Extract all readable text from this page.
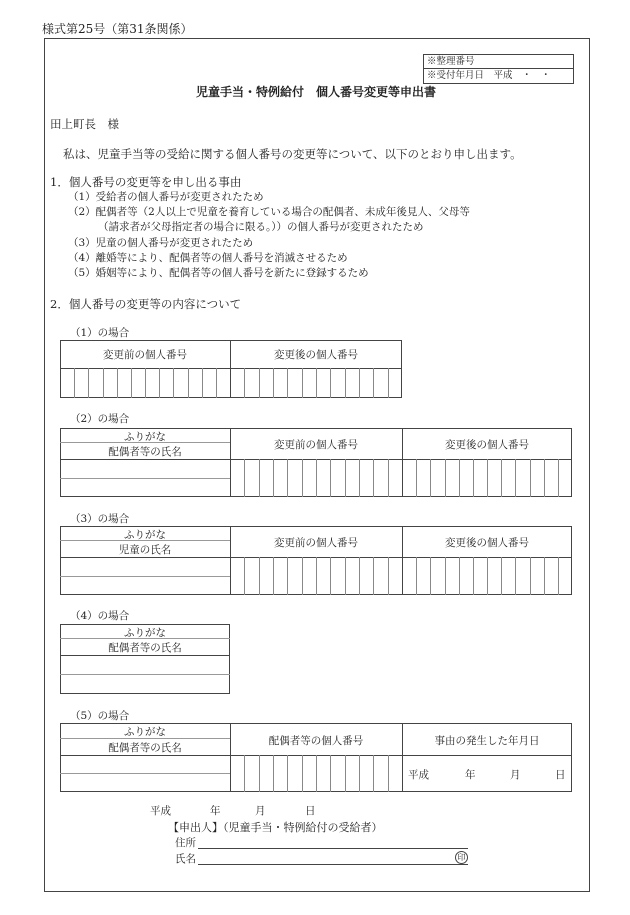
様式第25号（第31条関係）
※整理番号
※受付年月日　平成　・　・
児童手当・特例給付　個人番号変更等申出書
田上町長　様
私は、児童手当等の受給に関する個人番号の変更等について、以下のとおり申し出ます。
1．個人番号の変更等を申し出る事由
（1）受給者の個人番号が変更されたため
（2）配偶者等（2人以上で児童を養育している場合の配偶者、未成年後見人、父母等
（請求者が父母指定者の場合に限る。））の個人番号が変更されたため
（3）児童の個人番号が変更されたため
（4）離婚等により、配偶者等の個人番号を消滅させるため
（5）婚姻等により、配偶者等の個人番号を新たに登録するため
2．個人番号の変更等の内容について
（1）の場合
変更前の個人番号	変更後の個人番号
（2）の場合
ふりがな
配偶者等の氏名
変更前の個人番号	変更後の個人番号
（3）の場合
ふりがな
児童の氏名
変更前の個人番号	変更後の個人番号
（4）の場合
ふりがな
配偶者等の氏名
（5）の場合
ふりがな
配偶者等の氏名
配偶者等の個人番号	事由の発生した年月日
平成	年	月	日
平成	年	月	日
【申出人】（児童手当・特例給付の受給者）
住所
氏名	印
